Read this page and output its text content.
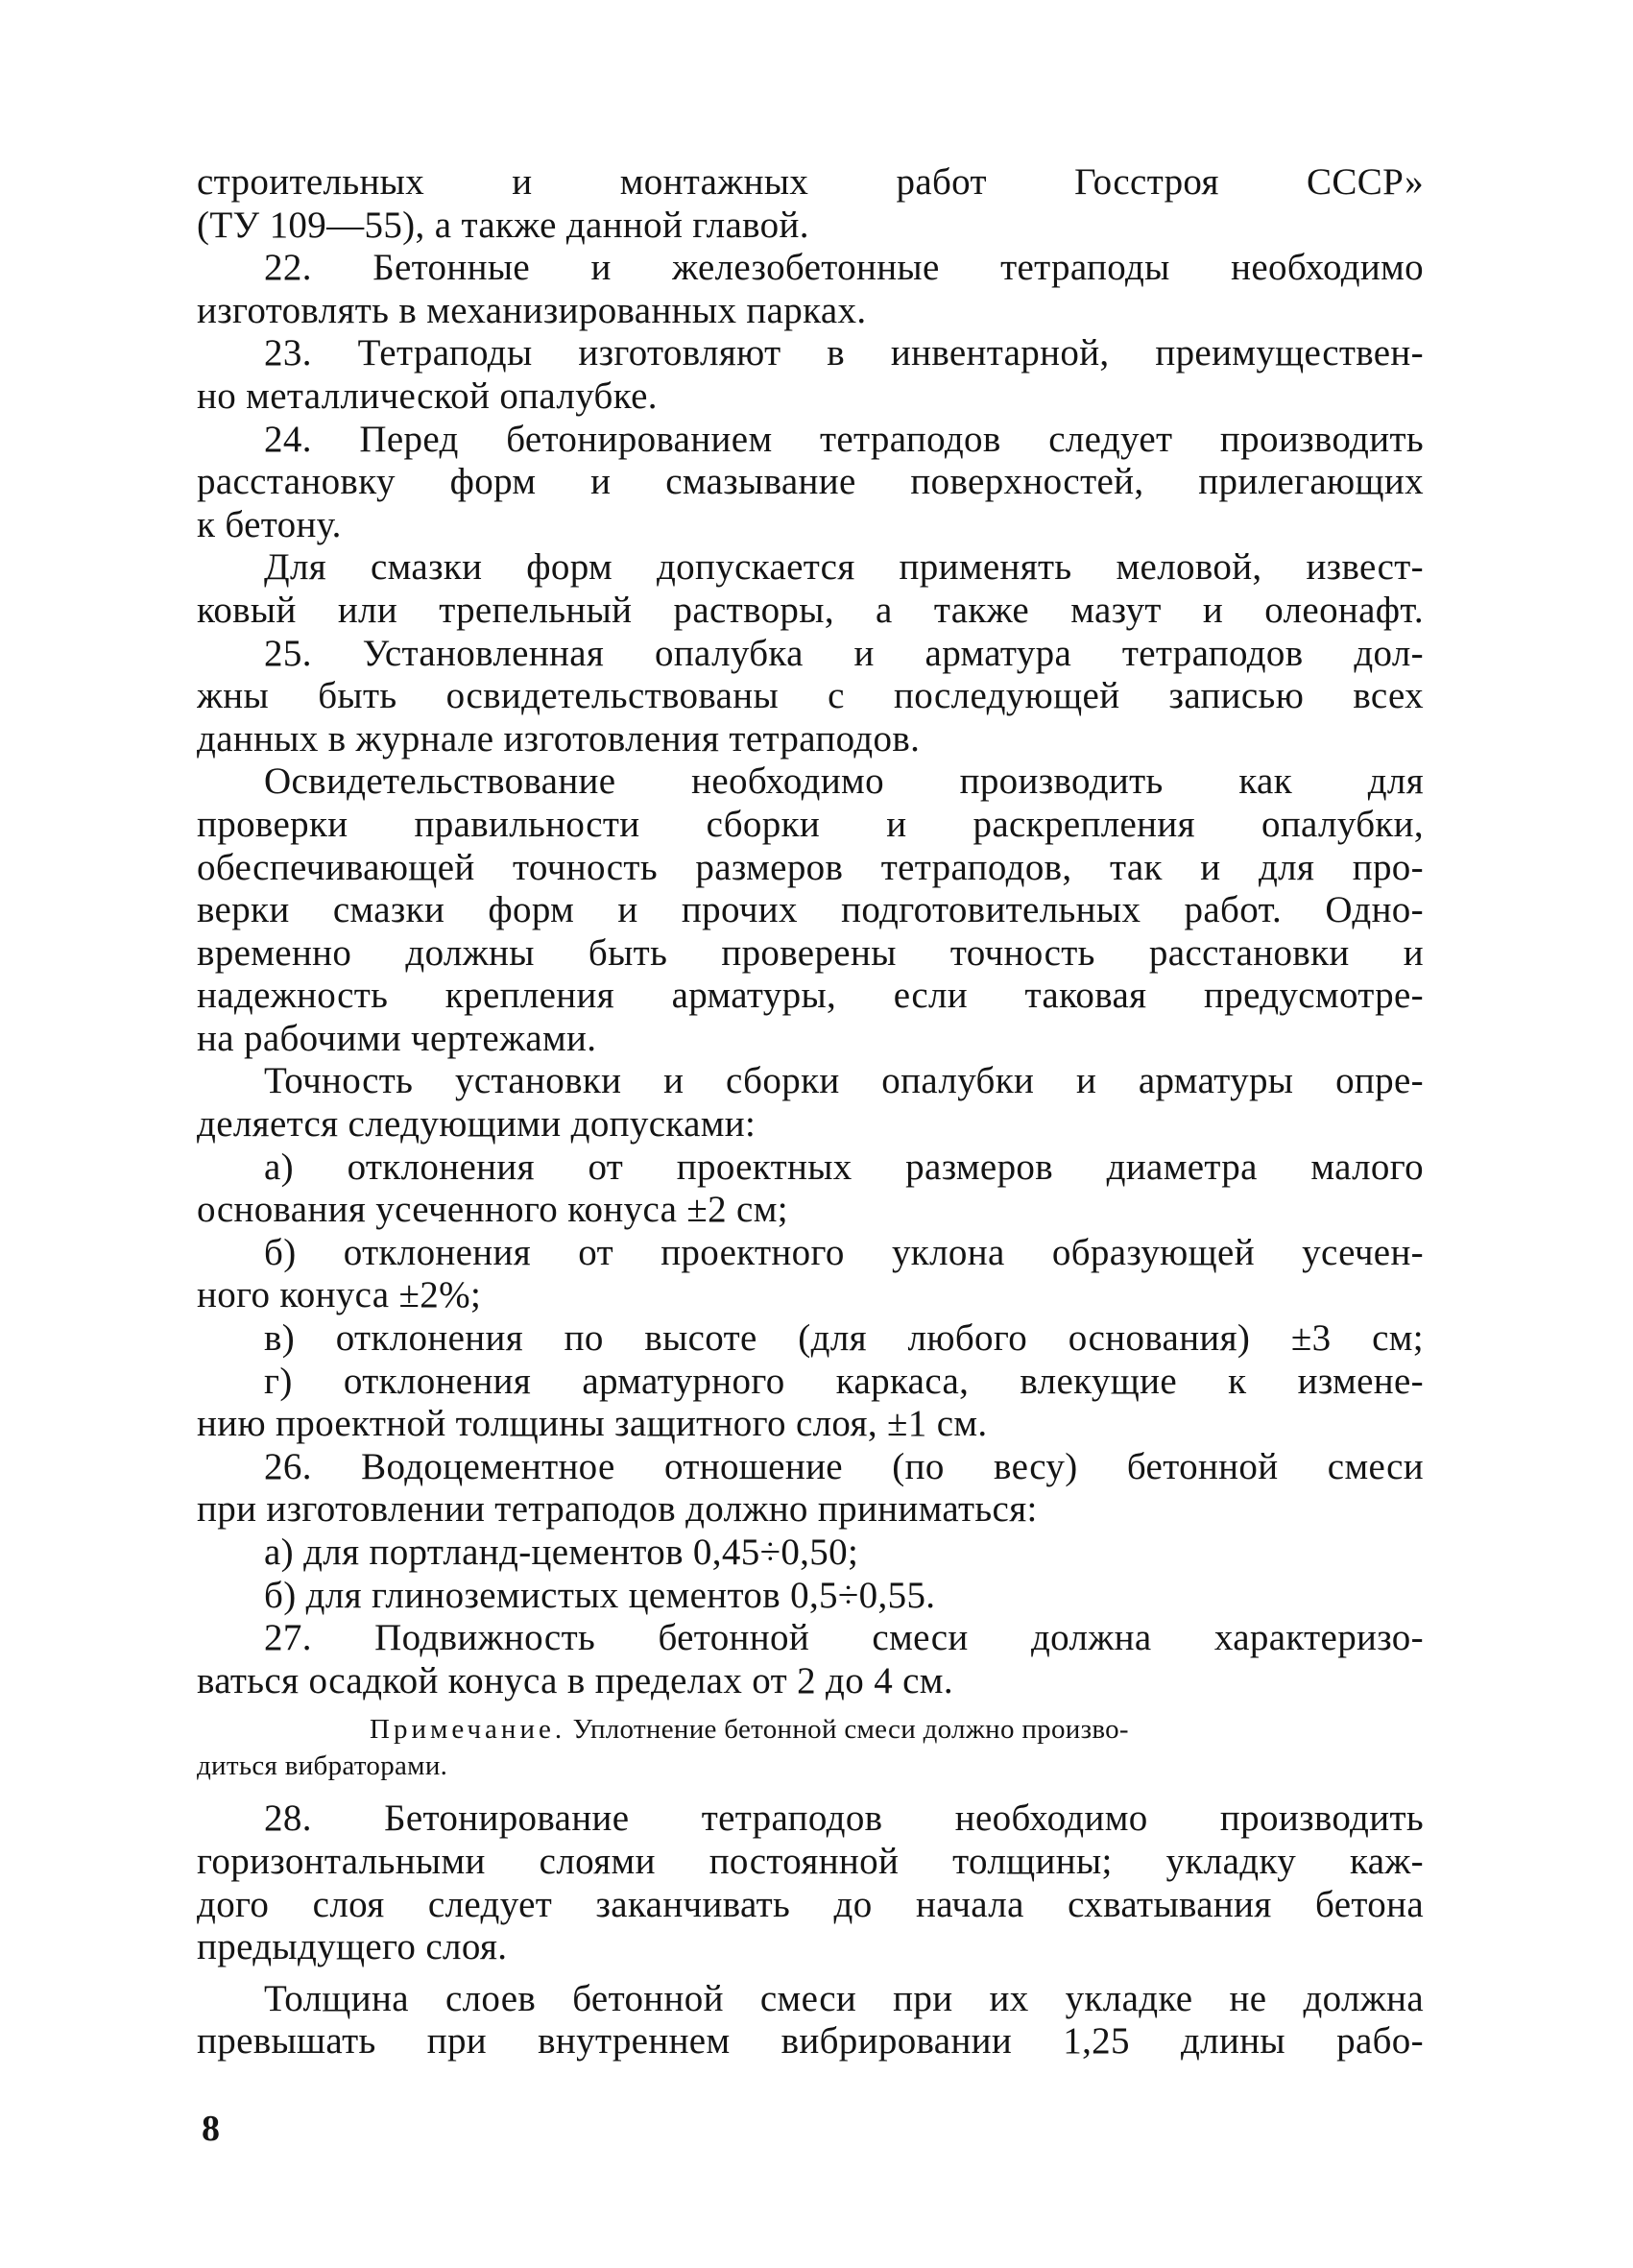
строительных и монтажных работ Госстроя СССР»
(ТУ 109—55), а также данной главой.
22. Бетонные и железобетонные тетраподы необходимо
изготовлять в механизированных парках.
23. Тетраподы изготовляют в инвентарной, преимуществен-
но металлической опалубке.
24. Перед бетонированием тетраподов следует производить
расстановку форм и смазывание поверхностей, прилегающих
к бетону.
Для смазки форм допускается применять меловой, извест-
ковый или трепельный растворы, а также мазут и олеонафт.
25. Установленная опалубка и арматура тетраподов дол-
жны быть освидетельствованы с последующей записью всех
данных в журнале изготовления тетраподов.
Освидетельствование необходимо производить как для
проверки правильности сборки и раскрепления опалубки,
обеспечивающей точность размеров тетраподов, так и для про-
верки смазки форм и прочих подготовительных работ. Одно-
временно должны быть проверены точность расстановки и
надежность крепления арматуры, если таковая предусмотре-
на рабочими чертежами.
Точность установки и сборки опалубки и арматуры опре-
деляется следующими допусками:
а) отклонения от проектных размеров диаметра малого
основания усеченного конуса ±2 см;
б) отклонения от проектного уклона образующей усечен-
ного конуса ±2%;
в) отклонения по высоте (для любого основания) ±3 см;
г) отклонения арматурного каркаса, влекущие к измене-
нию проектной толщины защитного слоя, ±1 см.
26. Водоцементное отношение (по весу) бетонной смеси
при изготовлении тетраподов должно приниматься:
а) для портланд-цементов 0,45÷0,50;
б) для глиноземистых цементов 0,5÷0,55.
27. Подвижность бетонной смеси должна характеризо-
ваться осадкой конуса в пределах от 2 до 4 см.
Примечание. Уплотнение бетонной смеси должно произво-
диться вибраторами.
28. Бетонирование тетраподов необходимо производить
горизонтальными слоями постоянной толщины; укладку каж-
дого слоя следует заканчивать до начала схватывания бетона
предыдущего слоя.
Толщина слоев бетонной смеси при их укладке не должна
превышать при внутреннем вибрировании 1,25 длины рабо-
8
